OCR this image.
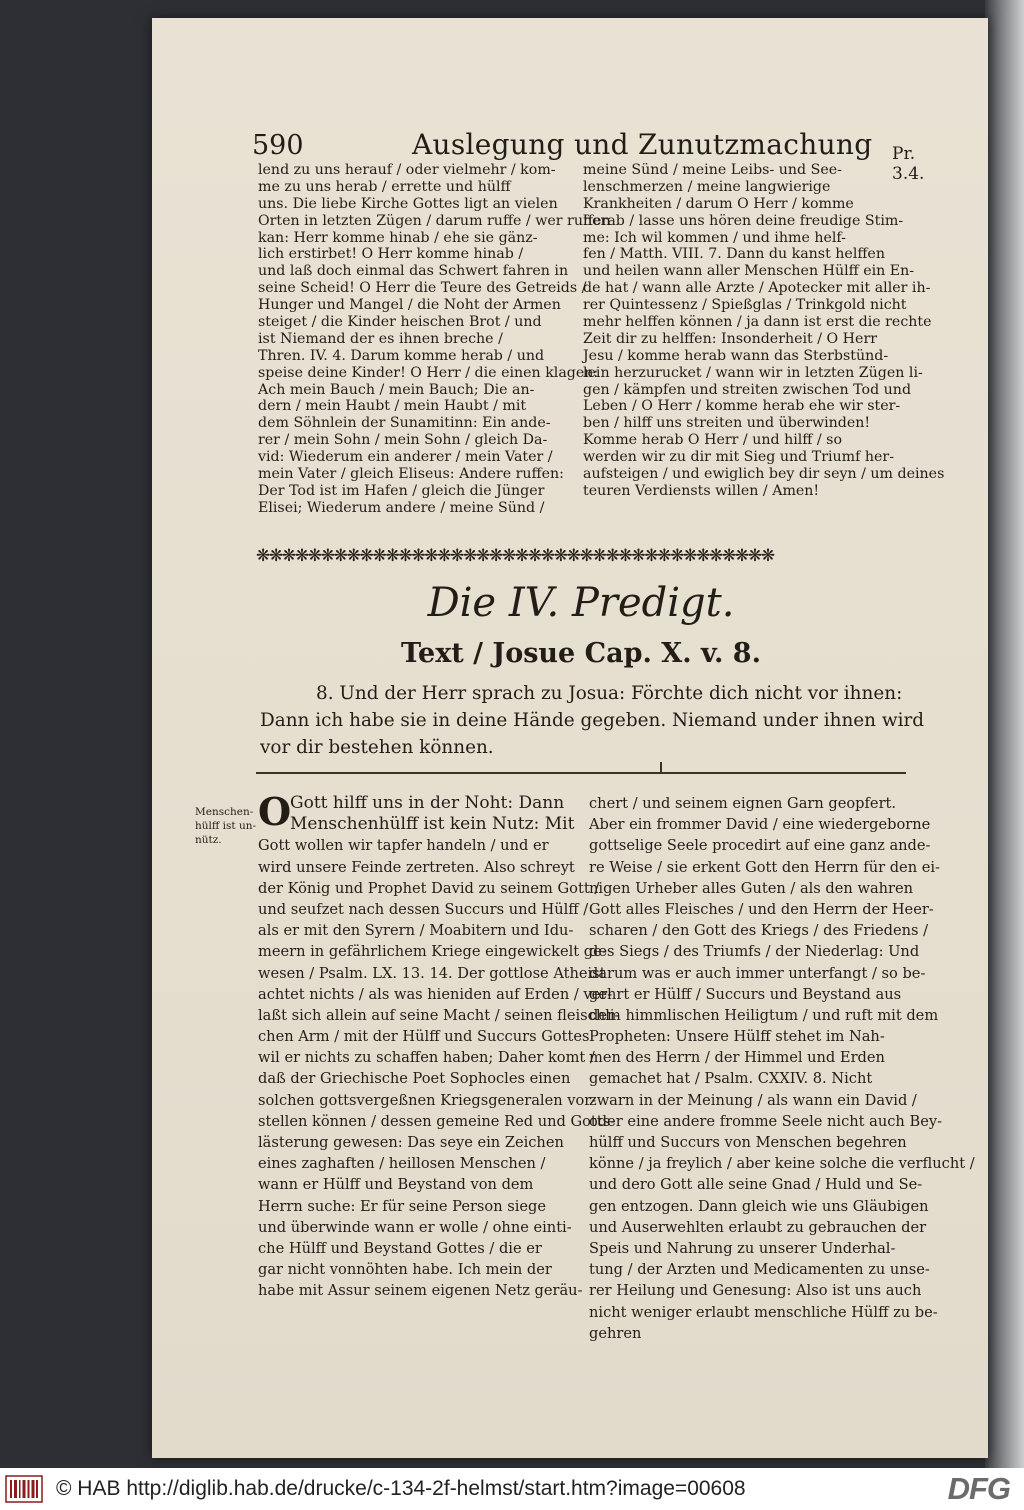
590	Auslegung und Zunutzmachung Pr. 3.4.
lend zu uns herauf / oder vielmehr / kom-
me zu uns herab / errette und hülff
uns. Die liebe Kirche Gottes ligt an vielen
Orten in letzten Zügen / darum ruffe / wer ruffen
kan: Herr komme hinab / ehe sie gänz-
lich erstirbet! O Herr komme hinab /
und laß doch einmal das Schwert fahren in
seine Scheid! O Herr die Teure des Getreids /
Hunger und Mangel / die Noht der Armen
steiget / die Kinder heischen Brot / und
ist Niemand der es ihnen breche /
Thren. IV. 4. Darum komme herab / und
speise deine Kinder! O Herr / die einen klagen:
Ach mein Bauch / mein Bauch; Die an-
dern / mein Haubt / mein Haubt / mit
dem Söhnlein der Sunamitinn: Ein ande-
rer / mein Sohn / mein Sohn / gleich Da-
vid: Wiederum ein anderer / mein Vater /
mein Vater / gleich Eliseus: Andere ruffen:
Der Tod ist im Hafen / gleich die Jünger
Elisei; Wiederum andere / meine Sünd /
meine Sünd / meine Leibs- und See-
lenschmerzen / meine langwierige
Krankheiten / darum O Herr / komme
herab / lasse uns hören deine freudige Stim-
me: Ich wil kommen / und ihme helf-
fen / Matth. VIII. 7. Dann du kanst helffen
und heilen wann aller Menschen Hülff ein En-
de hat / wann alle Arzte / Apotecker mit aller ih-
rer Quintessenz / Spießglas / Trinkgold nicht
mehr helffen können / ja dann ist erst die rechte
Zeit dir zu helffen: Insonderheit / O Herr
Jesu / komme herab wann das Sterbstünd-
lein herzurucket / wann wir in letzten Zügen li-
gen / kämpfen und streiten zwischen Tod und
Leben / O Herr / komme herab ehe wir ster-
ben / hilff uns streiten und überwinden!
Komme herab O Herr / und hilff / so
werden wir zu dir mit Sieg und Triumf her-
aufsteigen / und ewiglich bey dir seyn / um deines
teuren Verdiensts willen / Amen!
❋❋❋❋❋❋❋❋❋❋❋❋❋❋❋❋❋❋❋❋❋❋❋❋❋❋❋❋❋❋❋❋❋❋❋❋❋❋❋❋
Die IV. Predigt.
Text / Josue Cap. X. v. 8.
8. Und der Herr sprach zu Josua: Förchte dich nicht vor ihnen:
Dann ich habe sie in deine Hände gegeben. Niemand under ihnen wird
vor dir bestehen können.
Menschen-
hülff ist un-
nütz.
O
Gott hilff uns in der Noht: Dann
Menschenhülff ist kein Nutz: Mit
Gott wollen wir tapfer handeln / und er
wird unsere Feinde zertreten. Also schreyt
der König und Prophet David zu seinem Gott /
und seufzet nach dessen Succurs und Hülff /
als er mit den Syrern / Moabitern und Idu-
meern in gefährlichem Kriege eingewickelt ge-
wesen / Psalm. LX. 13. 14. Der gottlose Atheist
achtet nichts / als was hieniden auf Erden / ver-
laßt sich allein auf seine Macht / seinen fleischli-
chen Arm / mit der Hülff und Succurs Gottes
wil er nichts zu schaffen haben; Daher komt /
daß der Griechische Poet Sophocles einen
solchen gottsvergeßnen Kriegsgeneralen vor-
stellen können / dessen gemeine Red und Gotts-
lästerung gewesen: Das seye ein Zeichen
eines zaghaften / heillosen Menschen /
wann er Hülff und Beystand von dem
Herrn suche: Er für seine Person siege
und überwinde wann er wolle / ohne einti-
che Hülff und Beystand Gottes / die er
gar nicht vonnöhten habe. Ich mein der
habe mit Assur seinem eigenen Netz geräu-
chert / und seinem eignen Garn geopfert.
Aber ein frommer David / eine wiedergeborne
gottselige Seele procedirt auf eine ganz ande-
re Weise / sie erkent Gott den Herrn für den ei-
nigen Urheber alles Guten / als den wahren
Gott alles Fleisches / und den Herrn der Heer-
scharen / den Gott des Kriegs / des Friedens /
des Siegs / des Triumfs / der Niederlag: Und
darum was er auch immer unterfangt / so be-
gehrt er Hülff / Succurs und Beystand aus
dem himmlischen Heiligtum / und ruft mit dem
Propheten: Unsere Hülff stehet im Nah-
men des Herrn / der Himmel und Erden
gemachet hat / Psalm. CXXIV. 8. Nicht
zwarn in der Meinung / als wann ein David /
oder eine andere fromme Seele nicht auch Bey-
hülff und Succurs von Menschen begehren
könne / ja freylich / aber keine solche die verflucht /
und dero Gott alle seine Gnad / Huld und Se-
gen entzogen. Dann gleich wie uns Gläubigen
und Auserwehlten erlaubt zu gebrauchen der
Speis und Nahrung zu unserer Underhal-
tung / der Arzten und Medicamenten zu unse-
rer Heilung und Genesung: Also ist uns auch
nicht weniger erlaubt menschliche Hülff zu be-
gehren
© HAB http://diglib.hab.de/drucke/c-134-2f-helmst/start.htm?image=00608	DFG
